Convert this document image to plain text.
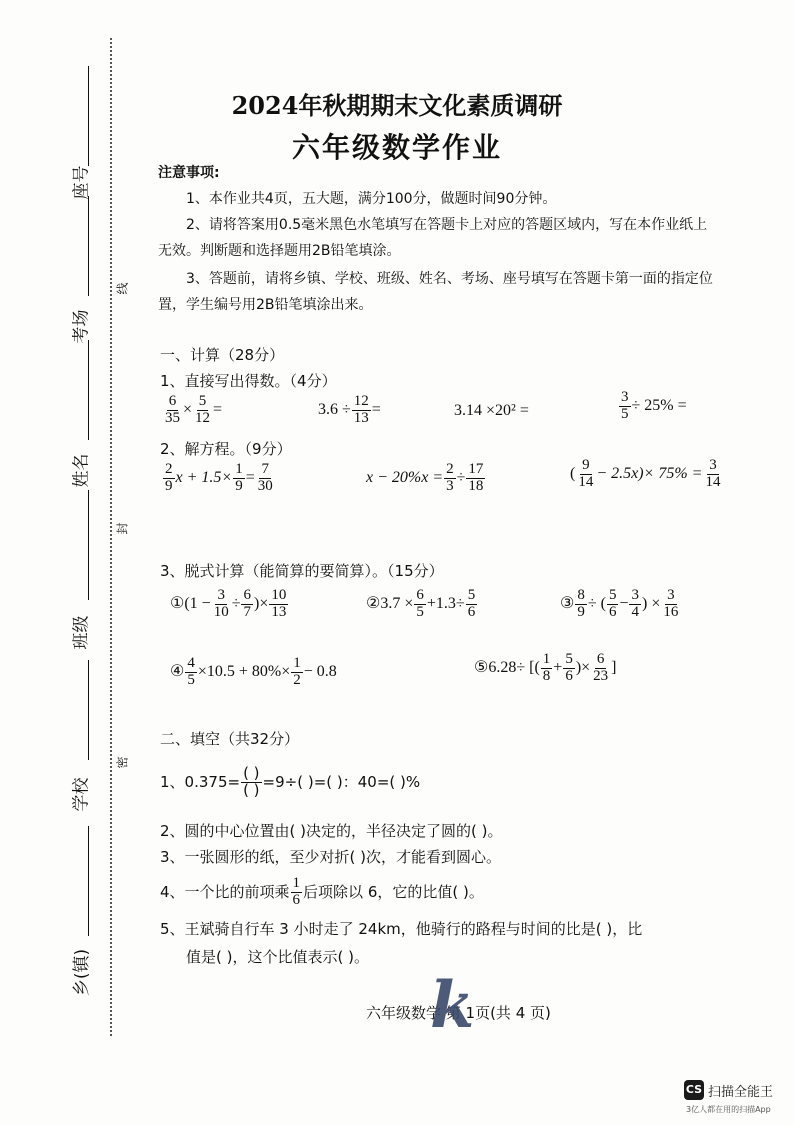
座号
考场
线
姓名
封
班级
学校
密
乡(镇)
2024年秋期期末文化素质调研
六年级数学作业
注意事项:
1、本作业共4页，五大题，满分100分，做题时间90分钟。
2、请将答案用0.5毫米黑色水笔填写在答题卡上对应的答题区域内，写在本作业纸上
无效。判断题和选择题用2B铅笔填涂。
3、答题前，请将乡镇、学校、班级、姓名、考场、座号填写在答题卡第一面的指定位
置，学生编号用2B铅笔填涂出来。
一、计算（28分）
1、直接写出得数。（4分）
$\frac{6}{35} \times \frac{5}{12}$ =	$3.6 \div \frac{12}{13}$ =	3.14 ×20² =	$\frac{3}{5} \div 25\%$ =
2、解方程。（9分）
$\frac{2}{9}$ $x + 1.5\times \frac{1}{9} = \frac{7}{30}$	$x - 20\%x = \frac{2}{3} \div \frac{17}{18}$	( $\frac{9}{14} - 2.5x)\times 75\% = \frac{3}{14}$
3、脱式计算（能简算的要简算）。（15分）
①(1 − $\frac{3}{10} \div \frac{6}{7}$ )× $\frac{10}{13}$	②3.7 × $\frac{6}{5} +1.3\div \frac{5}{6}$	③ $\frac{8}{9}$ ÷ ( $\frac{5}{6} - \frac{3}{4}$ ) × $\frac{3}{16}$
④ $\frac{4}{5} \times 10.5 + 80\%\times \frac{1}{2} - 0.8$	⑤6.28÷ [( $\frac{1}{8} + \frac{5}{6}$ )× $\frac{6}{23}$ ]
二、填空（共32分）
1、$0.375= \frac{( )}{( )} =9\div$( )=( )：40=( )%
2、圆的中心位置由( )决定的，半径决定了圆的( )。
3、一张圆形的纸，至少对折( )次，才能看到圆心。
4、一个比的前项乘 $\frac{1}{6}$ 后项除以 6，它的比值( )。
5、王斌骑自行车 3 小时走了 24km，他骑行的路程与时间的比是( )，比
值是( )，这个比值表示( )。
六年级数学 第 1页(共 4 页)
k
CS 扫描全能王
3亿人都在用的扫描App
